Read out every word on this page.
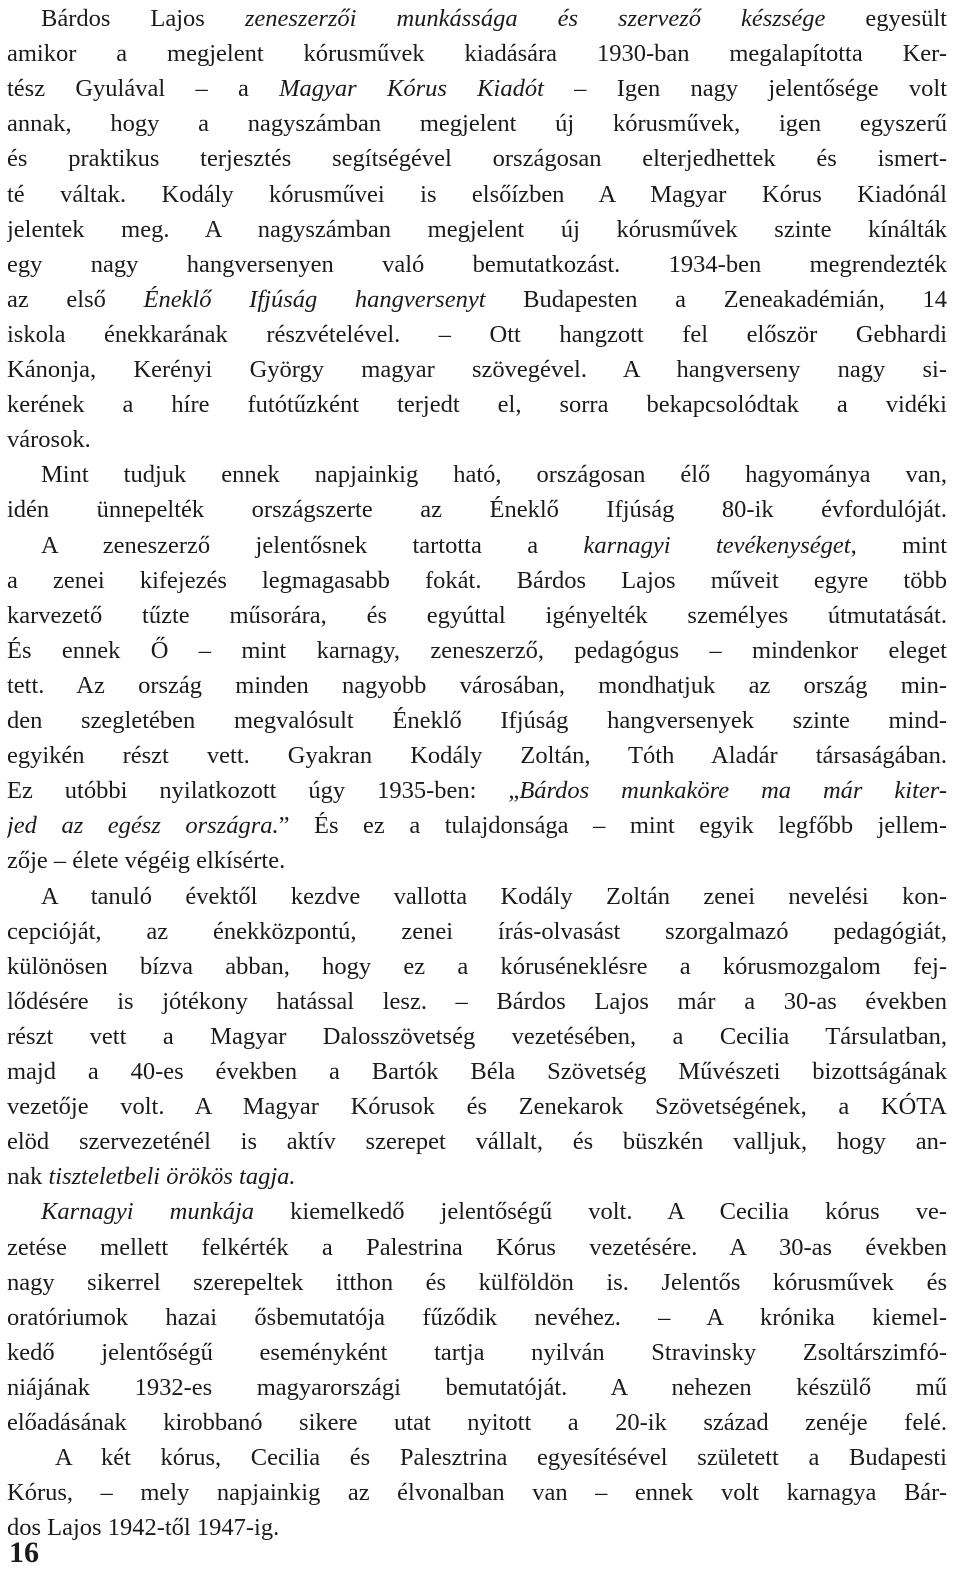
Bárdos Lajos zeneszerzői munkássága és szervező készsége egyesült
amikor a megjelent kórusművek kiadására 1930-ban megalapította Ker-
tész Gyulával – a Magyar Kórus Kiadót – Igen nagy jelentősége volt
annak, hogy a nagyszámban megjelent új kórusművek, igen egyszerű
és praktikus terjesztés segítségével országosan elterjedhettek és ismert-
té váltak. Kodály kórusművei is elsőízben A Magyar Kórus Kiadónál
jelentek meg. A nagyszámban megjelent új kórusművek szinte kínálták
egy nagy hangversenyen való bemutatkozást. 1934-ben megrendezték
az első Éneklő Ifjúság hangversenyt Budapesten a Zeneakadémián, 14
iskola énekkarának részvételével. – Ott hangzott fel először Gebhardi
Kánonja, Kerényi György magyar szövegével. A hangverseny nagy si-
kerének a híre futótűzként terjedt el, sorra bekapcsolódtak a vidéki
városok.
Mint tudjuk ennek napjainkig ható, országosan élő hagyománya van,
idén ünnepelték országszerte az Éneklő Ifjúság 80-ik évfordulóját.
A zeneszerző jelentősnek tartotta a karnagyi tevékenységet, mint
a zenei kifejezés legmagasabb fokát. Bárdos Lajos műveit egyre több
karvezető tűzte műsorára, és egyúttal igényelték személyes útmutatását.
És ennek Ő – mint karnagy, zeneszerző, pedagógus – mindenkor eleget
tett. Az ország minden nagyobb városában, mondhatjuk az ország min-
den szegletében megvalósult Éneklő Ifjúság hangversenyek szinte mind-
egyikén részt vett. Gyakran Kodály Zoltán, Tóth Aladár társaságában.
Ez utóbbi nyilatkozott úgy 1935-ben: „Bárdos munkaköre ma már kiter-
jed az egész országra.” És ez a tulajdonsága – mint egyik legfőbb jellem-
zője – élete végéig elkísérte.
A tanuló évektől kezdve vallotta Kodály Zoltán zenei nevelési kon-
cepcióját, az énekközpontú, zenei írás-olvasást szorgalmazó pedagógiát,
különösen bízva abban, hogy ez a kóruséneklésre a kórusmozgalom fej-
lődésére is jótékony hatással lesz. – Bárdos Lajos már a 30-as években
részt vett a Magyar Dalosszövetség vezetésében, a Cecilia Társulatban,
majd a 40-es években a Bartók Béla Szövetség Művészeti bizottságának
vezetője volt. A Magyar Kórusok és Zenekarok Szövetségének, a KÓTA
elöd szervezeténél is aktív szerepet vállalt, és büszkén valljuk, hogy an-
nak tiszteletbeli örökös tagja.
Karnagyi munkája kiemelkedő jelentőségű volt. A Cecilia kórus ve-
zetése mellett felkérték a Palestrina Kórus vezetésére. A 30-as években
nagy sikerrel szerepeltek itthon és külföldön is. Jelentős kórusművek és
oratóriumok hazai ősbemutatója fűződik nevéhez. – A krónika kiemel-
kedő jelentőségű eseményként tartja nyilván Stravinsky Zsoltárszimfó-
niájának 1932-es magyarországi bemutatóját. A nehezen készülő mű
előadásának kirobbanó sikere utat nyitott a 20-ik század zenéje felé.
A két kórus, Cecilia és Palesztrina egyesítésével született a Budapesti
Kórus, – mely napjainkig az élvonalban van – ennek volt karnagya Bár-
dos Lajos 1942-től 1947-ig.
16
